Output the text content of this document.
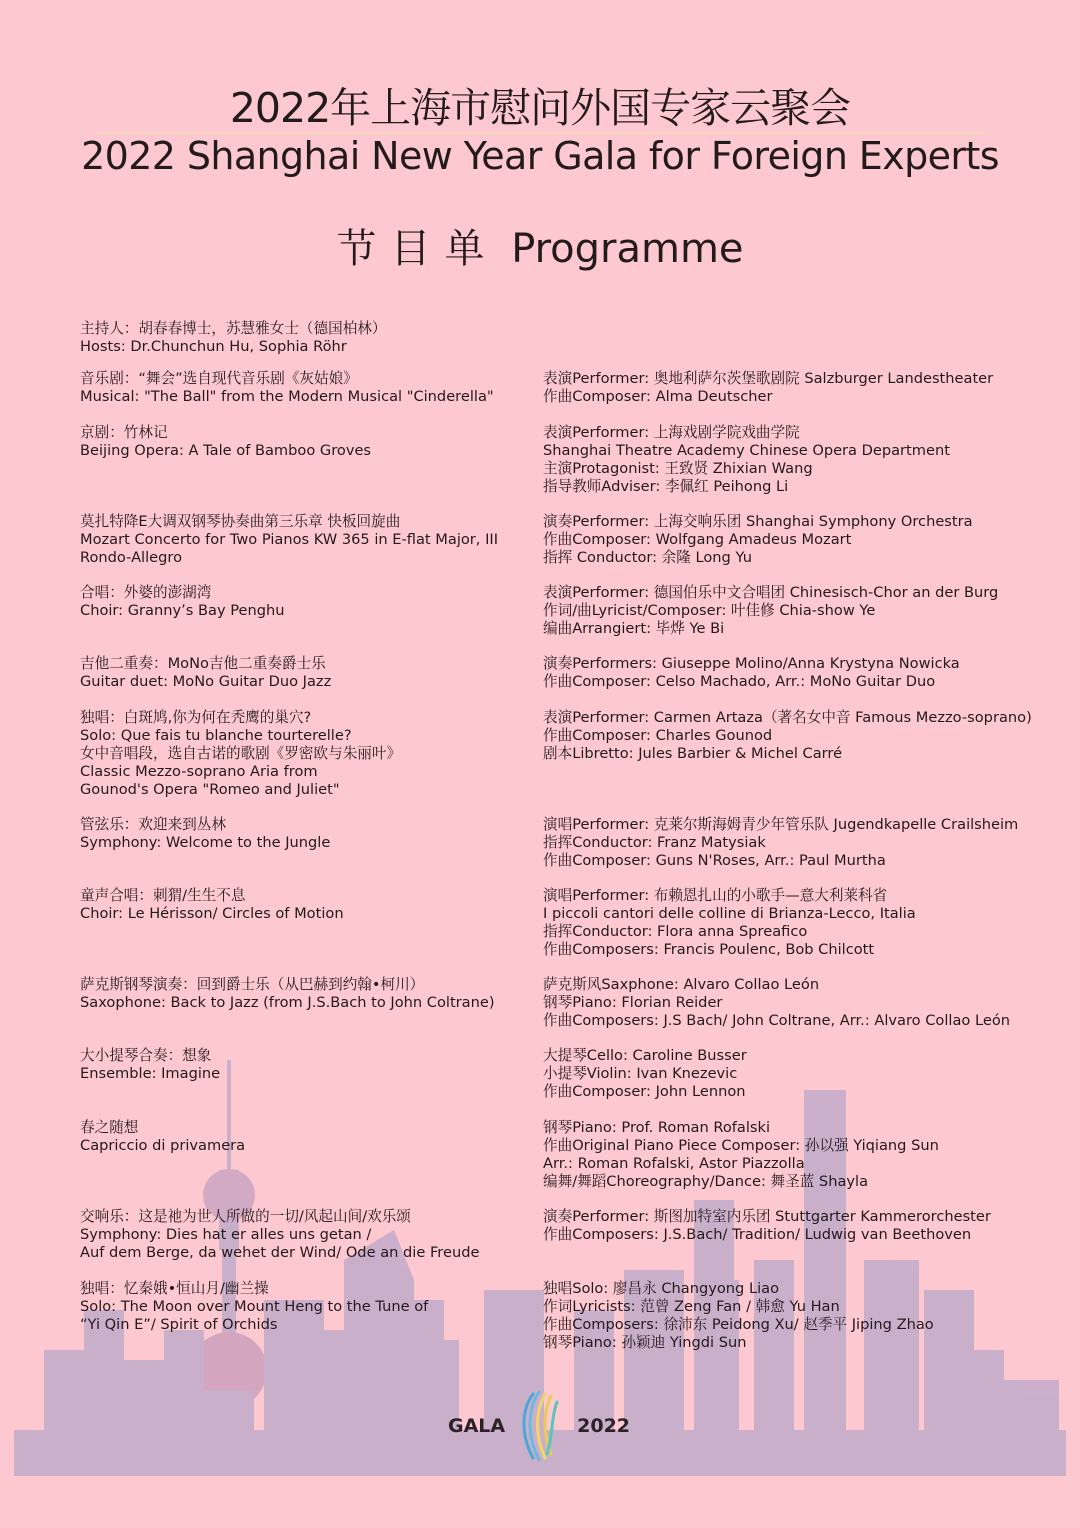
2022年上海市慰问外国专家云聚会
2022 Shanghai New Year Gala for Foreign Experts
节目单 Programme
主持人：胡春春博士，苏慧雅女士（德国柏林）
Hosts: Dr.Chunchun Hu, Sophia Röhr
音乐剧：“舞会”选自现代音乐剧《灰姑娘》
Musical: "The Ball" from the Modern Musical "Cinderella"
表演Performer: 奥地利萨尔茨堡歌剧院 Salzburger Landestheater
作曲Composer: Alma Deutscher
京剧：竹林记
Beijing Opera: A Tale of Bamboo Groves
表演Performer: 上海戏剧学院戏曲学院
Shanghai Theatre Academy Chinese Opera Department
主演Protagonist: 王致贤 Zhixian Wang
指导教师Adviser: 李佩红 Peihong Li
莫扎特降E大调双钢琴协奏曲第三乐章 快板回旋曲
Mozart Concerto for Two Pianos KW 365 in E-flat Major, III
Rondo-Allegro
演奏Performer: 上海交响乐团 Shanghai Symphony Orchestra
作曲Composer: Wolfgang Amadeus Mozart
指挥 Conductor: 余隆 Long Yu
合唱：外婆的澎湖湾
Choir: Granny’s Bay Penghu
表演Performer: 德国伯乐中文合唱团 Chinesisch-Chor an der Burg
作词/曲Lyricist/Composer: 叶佳修 Chia-show Ye
编曲Arrangiert: 毕烨 Ye Bi
吉他二重奏：MoNo吉他二重奏爵士乐
Guitar duet: MoNo Guitar Duo Jazz
演奏Performers: Giuseppe Molino/Anna Krystyna Nowicka
作曲Composer: Celso Machado, Arr.: MoNo Guitar Duo
独唱：白斑鸠,你为何在秃鹰的巢穴?
Solo: Que fais tu blanche tourterelle?
女中音唱段，选自古诺的歌剧《罗密欧与朱丽叶》
Classic Mezzo-soprano Aria from
Gounod's Opera "Romeo and Juliet"
表演Performer: Carmen Artaza（著名女中音 Famous Mezzo-soprano)
作曲Composer: Charles Gounod
剧本Libretto: Jules Barbier & Michel Carré
管弦乐：欢迎来到丛林
Symphony: Welcome to the Jungle
演唱Performer: 克莱尔斯海姆青少年管乐队 Jugendkapelle Crailsheim
指挥Conductor: Franz Matysiak
作曲Composer: Guns N'Roses, Arr.: Paul Murtha
童声合唱：刺猬/生生不息
Choir: Le Hérisson/ Circles of Motion
演唱Performer: 布赖恩扎山的小歌手—意大利莱科省
I piccoli cantori delle colline di Brianza-Lecco, Italia
指挥Conductor: Flora anna Spreafico
作曲Composers: Francis Poulenc, Bob Chilcott
萨克斯钢琴演奏：回到爵士乐（从巴赫到约翰•柯川）
Saxophone: Back to Jazz (from J.S.Bach to John Coltrane)
萨克斯风Saxphone: Alvaro Collao León
钢琴Piano: Florian Reider
作曲Composers: J.S Bach/ John Coltrane, Arr.: Alvaro Collao León
大小提琴合奏：想象
Ensemble: Imagine
大提琴Cello: Caroline Busser
小提琴Violin: Ivan Knezevic
作曲Composer: John Lennon
春之随想
Capriccio di privamera
钢琴Piano: Prof. Roman Rofalski
作曲Original Piano Piece Composer: 孙以强 Yiqiang Sun
Arr.: Roman Rofalski, Astor Piazzolla
编舞/舞蹈Choreography/Dance: 舞圣蓝 Shayla
交响乐：这是祂为世人所做的一切/风起山间/欢乐颂
Symphony: Dies hat er alles uns getan /
Auf dem Berge, da wehet der Wind/ Ode an die Freude
演奏Performer: 斯图加特室内乐团 Stuttgarter Kammerorchester
作曲Composers: J.S.Bach/ Tradition/ Ludwig van Beethoven
独唱：忆秦娥•恒山月/幽兰操
Solo: The Moon over Mount Heng to the Tune of
“Yi Qin E”/ Spirit of Orchids
独唱Solo: 廖昌永 Changyong Liao
作词Lyricists: 范曾 Zeng Fan / 韩愈 Yu Han
作曲Composers: 徐沛东 Peidong Xu/ 赵季平 Jiping Zhao
钢琴Piano: 孙颖迪 Yingdi Sun
GALA	2022
